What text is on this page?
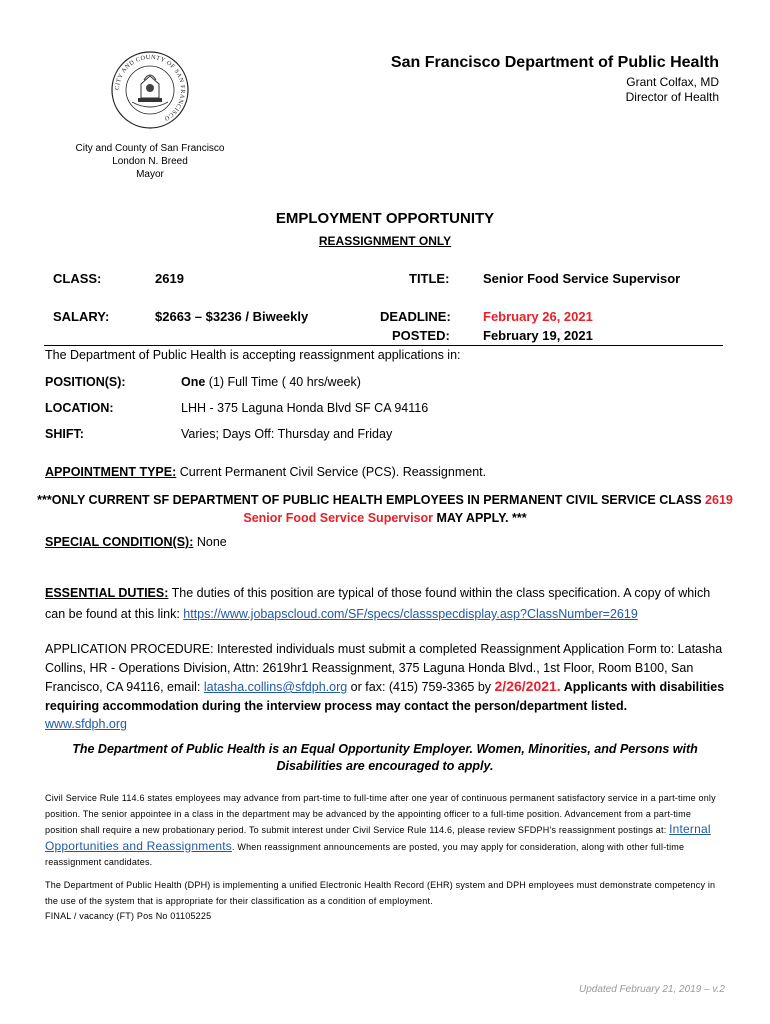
CITY AND COUNTY OF SAN FRANCISCO
San Francisco Department of Public Health
Grant Colfax, MD
Director of Health
City and County of San Francisco
London N. Breed
Mayor
EMPLOYMENT OPPORTUNITY
REASSIGNMENT ONLY
CLASS:	2619	TITLE:	Senior Food Service Supervisor
SALARY:	$2663 – $3236 / Biweekly	DEADLINE: February 26, 2021
POSTED:	February 19, 2021
The Department of Public Health is accepting reassignment applications in:
POSITION(S):	One (1) Full Time ( 40 hrs/week)
LOCATION:	LHH - 375 Laguna Honda Blvd SF CA 94116
SHIFT:	Varies; Days Off: Thursday and Friday
APPOINTMENT TYPE: Current Permanent Civil Service (PCS). Reassignment.
***ONLY CURRENT SF DEPARTMENT OF PUBLIC HEALTH EMPLOYEES IN PERMANENT CIVIL SERVICE CLASS 2619
Senior Food Service Supervisor MAY APPLY. ***
SPECIAL CONDITION(S): None
ESSENTIAL DUTIES: The duties of this position are typical of those found within the class specification. A copy of which can be found at this link: https://www.jobapscloud.com/SF/specs/classspecdisplay.asp?ClassNumber=2619
APPLICATION PROCEDURE: Interested individuals must submit a completed Reassignment Application Form to: Latasha Collins, HR - Operations Division, Attn: 2619hr1 Reassignment, 375 Laguna Honda Blvd., 1st Floor, Room B100, San Francisco, CA 94116, email: latasha.collins@sfdph.org or fax: (415) 759-3365 by 2/26/2021. Applicants with disabilities requiring accommodation during the interview process may contact the person/department listed.
www.sfdph.org
The Department of Public Health is an Equal Opportunity Employer. Women, Minorities, and Persons with Disabilities are encouraged to apply.
Civil Service Rule 114.6 states employees may advance from part-time to full-time after one year of continuous permanent satisfactory service in a part-time only position. The senior appointee in a class in the department may be advanced by the appointing officer to a full-time position. Advancement from a part-time position shall require a new probationary period. To submit interest under Civil Service Rule 114.6, please review SFDPH’s reassignment postings at: Internal Opportunities and Reassignments. When reassignment announcements are posted, you may apply for consideration, along with other full-time reassignment candidates.
The Department of Public Health (DPH) is implementing a unified Electronic Health Record (EHR) system and DPH employees must demonstrate competency in the use of the system that is appropriate for their classification as a condition of employment.
FINAL / vacancy (FT) Pos No 01105225
Updated February 21, 2019 – v.2
